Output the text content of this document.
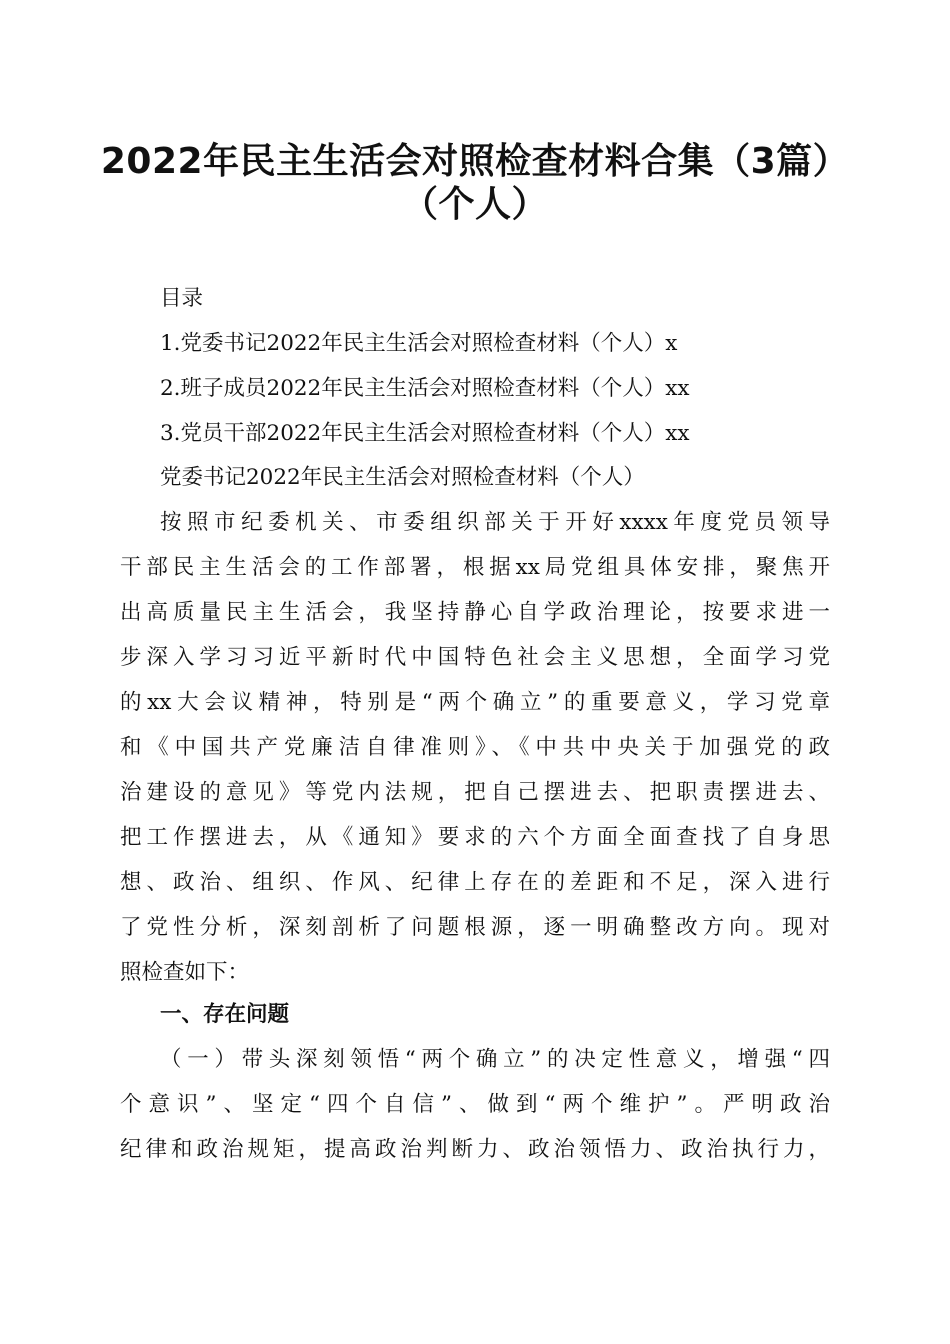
2022年民主生活会对照检查材料合集（3篇）
（个人）
目录
1.党委书记2022年民主生活会对照检查材料（个人）x
2.班子成员2022年民主生活会对照检查材料（个人）xx
3.党员干部2022年民主生活会对照检查材料（个人）xx
党委书记2022年民主生活会对照检查材料（个人）
按照市纪委机关、市委组织部关于开好xxxx年度党员领导
干部民主生活会的工作部署，根据xx局党组具体安排，聚焦开
出高质量民主生活会，我坚持静心自学政治理论，按要求进一
步深入学习习近平新时代中国特色社会主义思想，全面学习党
的xx大会议精神，特别是“两个确立”的重要意义，学习党章
和《中国共产党廉洁自律准则》、《中共中央关于加强党的政
治建设的意见》等党内法规，把自己摆进去、把职责摆进去、
把工作摆进去，从《通知》要求的六个方面全面查找了自身思
想、政治、组织、作风、纪律上存在的差距和不足，深入进行
了党性分析，深刻剖析了问题根源，逐一明确整改方向。现对
照检查如下：
一、存在问题
（一）带头深刻领悟“两个确立”的决定性意义，增强“四
个意识”、坚定“四个自信”、做到“两个维护”。严明政治
纪律和政治规矩，提高政治判断力、政治领悟力、政治执行力，
